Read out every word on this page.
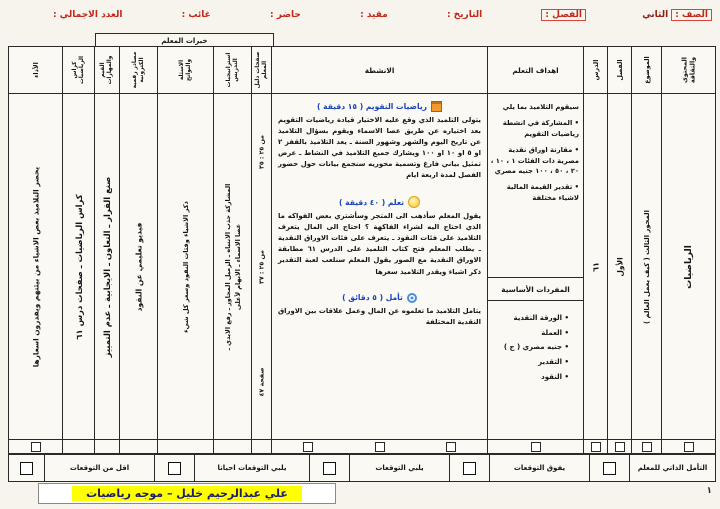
الصف :
الثاني
الفصل :
التاريخ :
مقيد :
حاضر :
غائب :
العدد الاجمالي :
خبرات المعلم
المحتوى والثقافة
الرياضيات
الموضوع
المحور الثالث ( كيف يعمل العالم )
الفصل
الأول
الدرس
٦١
اهداف التعلم
سيقوم التلاميذ بما يلي
• المشاركة في انشطة رياضيات التقويم
• مقارنة اوراق نقدية مصرية ذات الفئات ١ ، ١٠ ، ٢٠ ، ٥٠ ، ١٠٠ جنيه مصري
• تقدير القيمة المالية لاشياء مختلفة
المفردات الأساسية
• الورقة النقدية
• العملة
• جنيه مصري ( ج )
• التقدير
• النقود
الانشطة
رياضيات التقويم ( ١٥ دقيقة )
يتولى التلميذ الذي وقع عليه الاختيار قيادة رياضيات التقويم بعد اختياره عن طريق عصا الاسماء ويقوم بسؤال التلاميذ عن تاريخ اليوم والشهر وشهور السنة ـ يعد التلاميذ بالقفز ٢ او ٥ او ١٠ او ١٠٠ ويشارك جميع التلاميذ في النشاط ـ عرض تمثيل بياني فارغ وتسمية محوريه سنجمع بيانات حول حضور الفصل لمدة اربعة ايام
تعلم ( ٤٠ دقيقة )
يقول المعلم سأذهب الى المتجر وسأشتري بعض الفواكه ما الذي احتاج اليه لشراء الفاكهة ؟ احتاج الى المال يتعرف التلاميذ على فئات النقود ـ يتعرف على فئات الاوراق النقدية ـ يطلب المعلم فتح كتاب التلميذ على الدرس ٦١ مطابقة الاوراق النقدية مع الصور يقول المعلم سنلعب لعبة التقدير ذكر اشياء ويقدر التلاميذ سعرها
تأمل ( ٥ دقائق )
يتامل التلاميذ ما تعلموه عن المال وعمل علاقات بين الاوراق النقدية المختلفة
صفحات دليل المعلم
من ٢٥ : ٣٥
من ٢٥ : ٣٧
صفحة ٤٧
استراتيجيات التدريس
المشاركة جذب الانتباه ـ الزميل المجاور ـ رفع الايدي ـ عصا الاسماء ـ الابهام لأعلى
الاسئلة والنواتج
ذكر الاشياء وفئات النقود وسعر كل شيء
مصادر رقمية الكترونية
فيديو تعليمي عن النقود
القيم والمهارات
صنع القرار ـ التعاون ـ الايجابية ـ عدم التمييز
كراس الرياضيات
كراس الرياضيات ـ صفحات درس ٦١
الأداء
يحضر التلاميذ بعض الاشياء من بيئتهم ويقدرون اسعارها
التأمل الذاتي للمعلم
يفوق التوقعات
يلبي التوقعات
يلبي التوقعات احيانا
اقل من التوقعات
علي عبدالرحيم خليل – موجه رياضيات	١
